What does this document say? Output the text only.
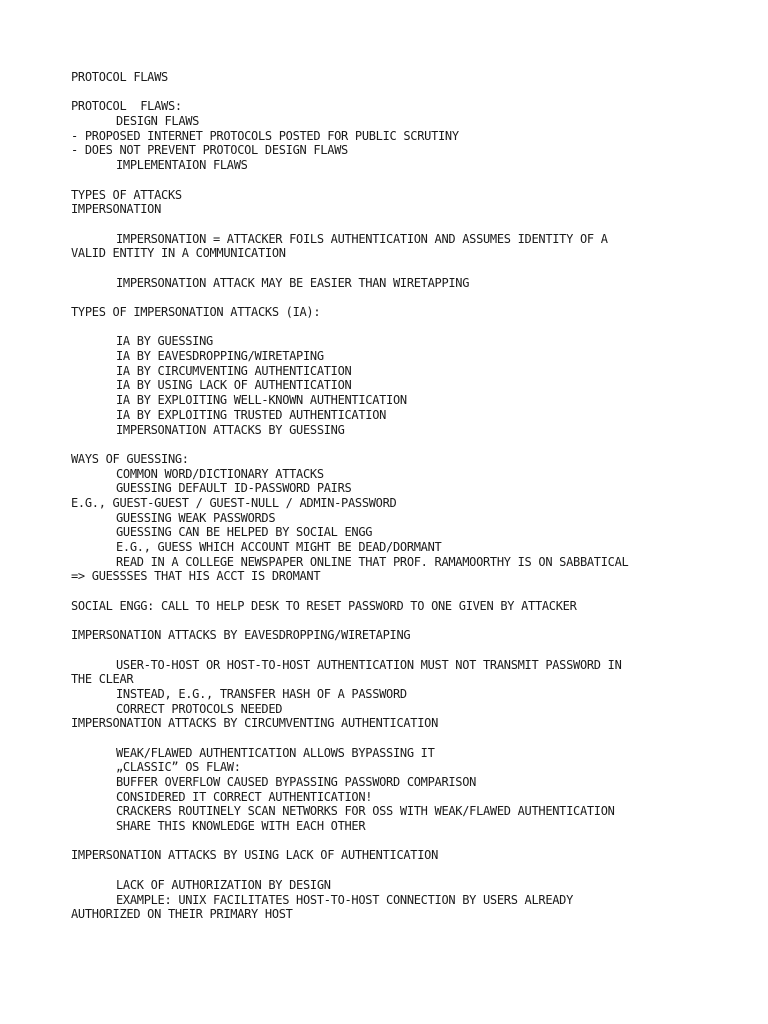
PROTOCOL FLAWS
PROTOCOL  FLAWS:
DESIGN FLAWS
- PROPOSED INTERNET PROTOCOLS POSTED FOR PUBLIC SCRUTINY
- DOES NOT PREVENT PROTOCOL DESIGN FLAWS
IMPLEMENTAION FLAWS
TYPES OF ATTACKS
IMPERSONATION
IMPERSONATION = ATTACKER FOILS AUTHENTICATION AND ASSUMES IDENTITY OF A
VALID ENTITY IN A COMMUNICATION
IMPERSONATION ATTACK MAY BE EASIER THAN WIRETAPPING
TYPES OF IMPERSONATION ATTACKS (IA):
IA BY GUESSING
IA BY EAVESDROPPING/WIRETAPING
IA BY CIRCUMVENTING AUTHENTICATION
IA BY USING LACK OF AUTHENTICATION
IA BY EXPLOITING WELL-KNOWN AUTHENTICATION
IA BY EXPLOITING TRUSTED AUTHENTICATION
IMPERSONATION ATTACKS BY GUESSING
WAYS OF GUESSING:
COMMON WORD/DICTIONARY ATTACKS
GUESSING DEFAULT ID-PASSWORD PAIRS
E.G., GUEST-GUEST / GUEST-NULL / ADMIN-PASSWORD
GUESSING WEAK PASSWORDS
GUESSING CAN BE HELPED BY SOCIAL ENGG
E.G., GUESS WHICH ACCOUNT MIGHT BE DEAD/DORMANT
READ IN A COLLEGE NEWSPAPER ONLINE THAT PROF. RAMAMOORTHY IS ON SABBATICAL
=> GUESSSES THAT HIS ACCT IS DROMANT
SOCIAL ENGG: CALL TO HELP DESK TO RESET PASSWORD TO ONE GIVEN BY ATTACKER
IMPERSONATION ATTACKS BY EAVESDROPPING/WIRETAPING
USER-TO-HOST OR HOST-TO-HOST AUTHENTICATION MUST NOT TRANSMIT PASSWORD IN
THE CLEAR
INSTEAD, E.G., TRANSFER HASH OF A PASSWORD
CORRECT PROTOCOLS NEEDED
IMPERSONATION ATTACKS BY CIRCUMVENTING AUTHENTICATION
WEAK/FLAWED AUTHENTICATION ALLOWS BYPASSING IT
„CLASSIC” OS FLAW:
BUFFER OVERFLOW CAUSED BYPASSING PASSWORD COMPARISON
CONSIDERED IT CORRECT AUTHENTICATION!
CRACKERS ROUTINELY SCAN NETWORKS FOR OSS WITH WEAK/FLAWED AUTHENTICATION
SHARE THIS KNOWLEDGE WITH EACH OTHER
IMPERSONATION ATTACKS BY USING LACK OF AUTHENTICATION
LACK OF AUTHORIZATION BY DESIGN
EXAMPLE: UNIX FACILITATES HOST-TO-HOST CONNECTION BY USERS ALREADY
AUTHORIZED ON THEIR PRIMARY HOST
